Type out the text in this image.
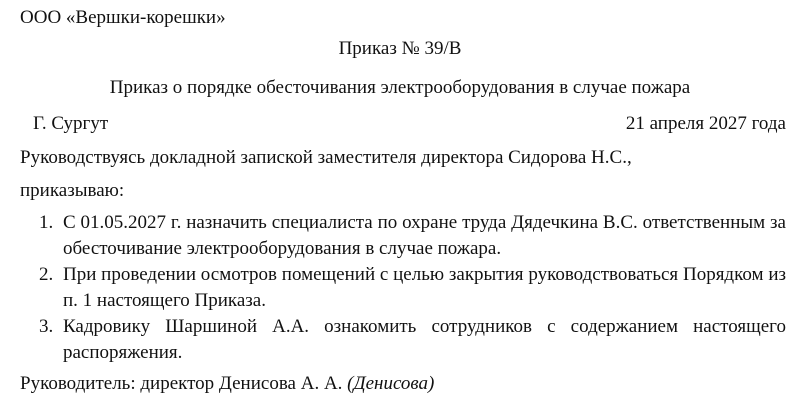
ООО «Вершки-корешки»
Приказ № 39/В
Приказ о порядке обесточивания электрооборудования в случае пожара
Г. Сургут	21 апреля 2027 года
Руководствуясь докладной запиской заместителя директора Сидорова Н.С.,
приказываю:
1. С 01.05.2027 г. назначить специалиста по охране труда Дядечкина В.С. ответственным за обесточивание электрооборудования в случае пожара.
2. При проведении осмотров помещений с целью закрытия руководствоваться Порядком из п. 1 настоящего Приказа.
3. Кадровику Шаршиной А.А. ознакомить сотрудников с содержанием настоящего распоряжения.
Руководитель: директор Денисова А. А. (Денисова)
